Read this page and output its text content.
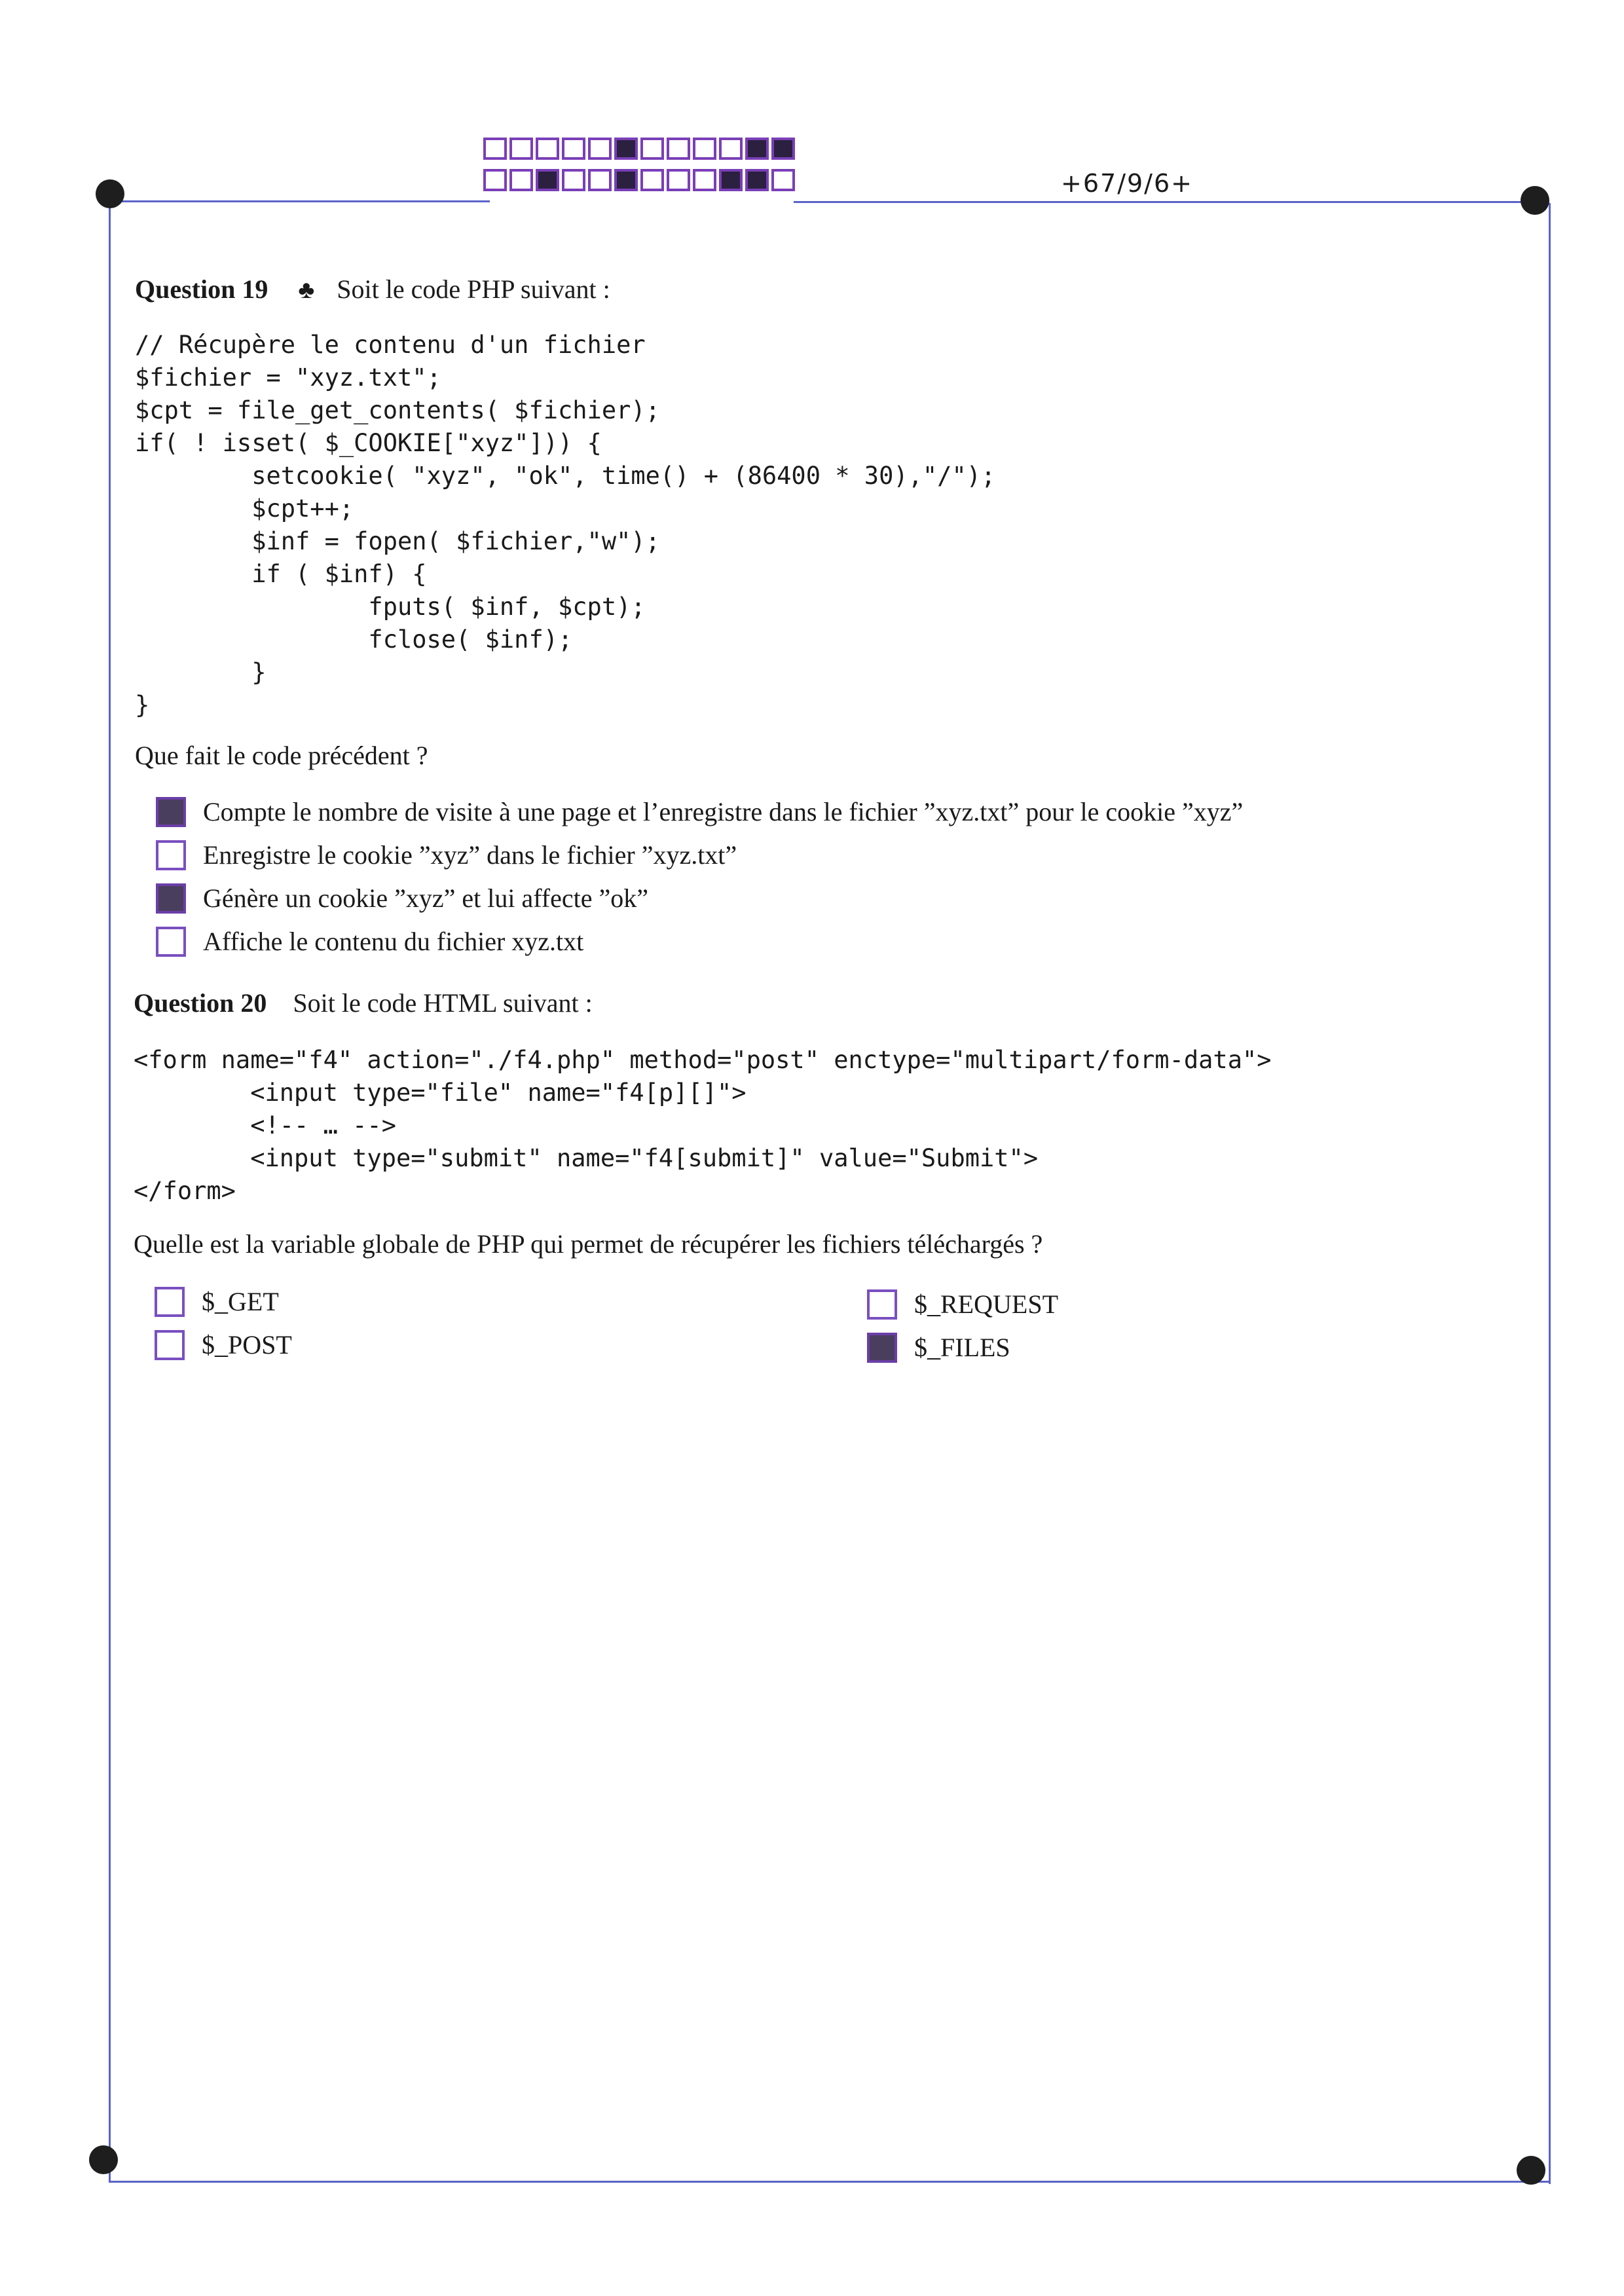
+67/9/6+
Question 19 ♣ Soit le code PHP suivant :
// Récupère le contenu d'un fichier
$fichier = "xyz.txt";
$cpt = file_get_contents( $fichier);
if( ! isset( $_COOKIE["xyz"])) {
setcookie( "xyz", "ok", time() + (86400 * 30),"/");
$cpt++;
$inf = fopen( $fichier,"w");
if ( $inf) {
fputs( $inf, $cpt);
fclose( $inf);
}
}
Que fait le code précédent ?
Compte le nombre de visite à une page et l’enregistre dans le fichier ”xyz.txt” pour le cookie ”xyz”
Enregistre le cookie ”xyz” dans le fichier ”xyz.txt”
Génère un cookie ”xyz” et lui affecte ”ok”
Affiche le contenu du fichier xyz.txt
Question 20 Soit le code HTML suivant :
<form name="f4" action="./f4.php" method="post" enctype="multipart/form-data">
<input type="file" name="f4[p][]">
<!-- … -->
<input type="submit" name="f4[submit]" value="Submit">
</form>
Quelle est la variable globale de PHP qui permet de récupérer les fichiers téléchargés ?
$_GET
$_POST
$_REQUEST
$_FILES
